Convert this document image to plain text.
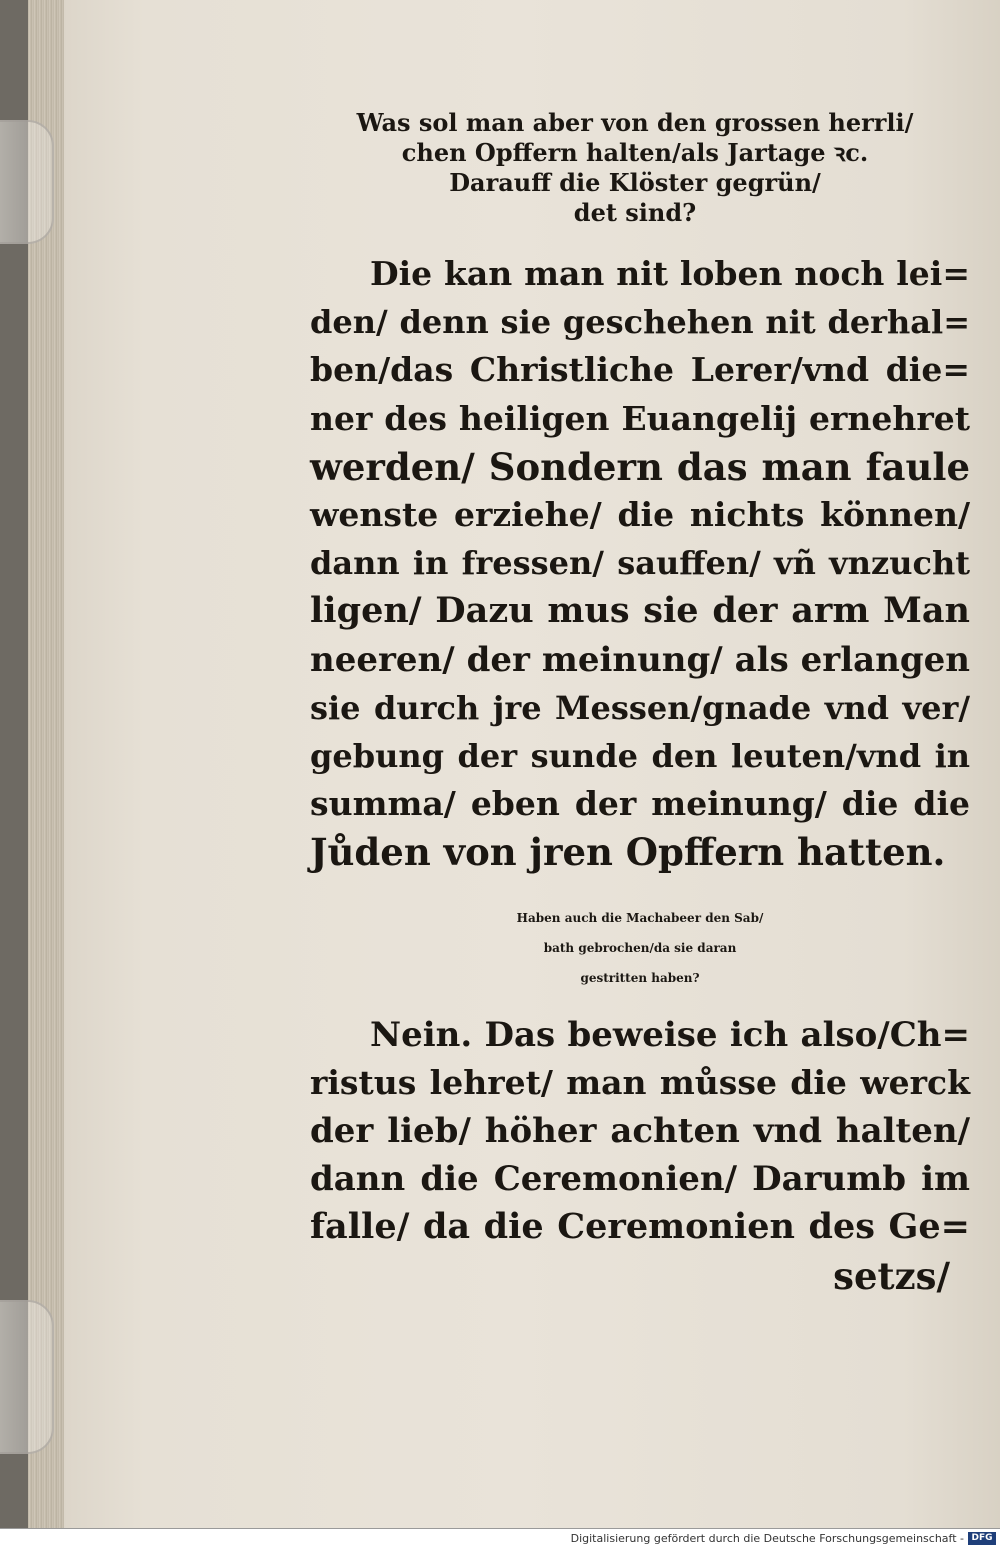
Was sol man aber von den grossen herrli/
chen Opffern halten/als Jartage ꝛc.
Darauff die Klöster gegrün/
det sind?
Die kan man nit loben noch lei=
den/ denn sie geschehen nit derhal=
ben/das Christliche Lerer/vnd die=
ner des heiligen Euangelij ernehret
werden/ Sondern das man faule
wenste erziehe/ die nichts können/
dann in fressen/ sauffen/ vñ vnzucht
ligen/ Dazu mus sie der arm Man
neeren/ der meinung/ als erlangen
sie durch jre Messen/gnade vnd ver/
gebung der sunde den leuten/vnd in
summa/ eben der meinung/ die die
Jůden von jren Opffern hatten.
Haben auch die Machabeer den Sab/
bath gebrochen/da sie daran
gestritten haben?
Nein. Das beweise ich also/Ch=
ristus lehret/ man můsse die werck
der lieb/ höher achten vnd halten/
dann die Ceremonien/ Darumb im
falle/ da die Ceremonien des Ge=
setzs/
Digitalisierung gefördert durch die Deutsche Forschungsgemeinschaft - DFG
